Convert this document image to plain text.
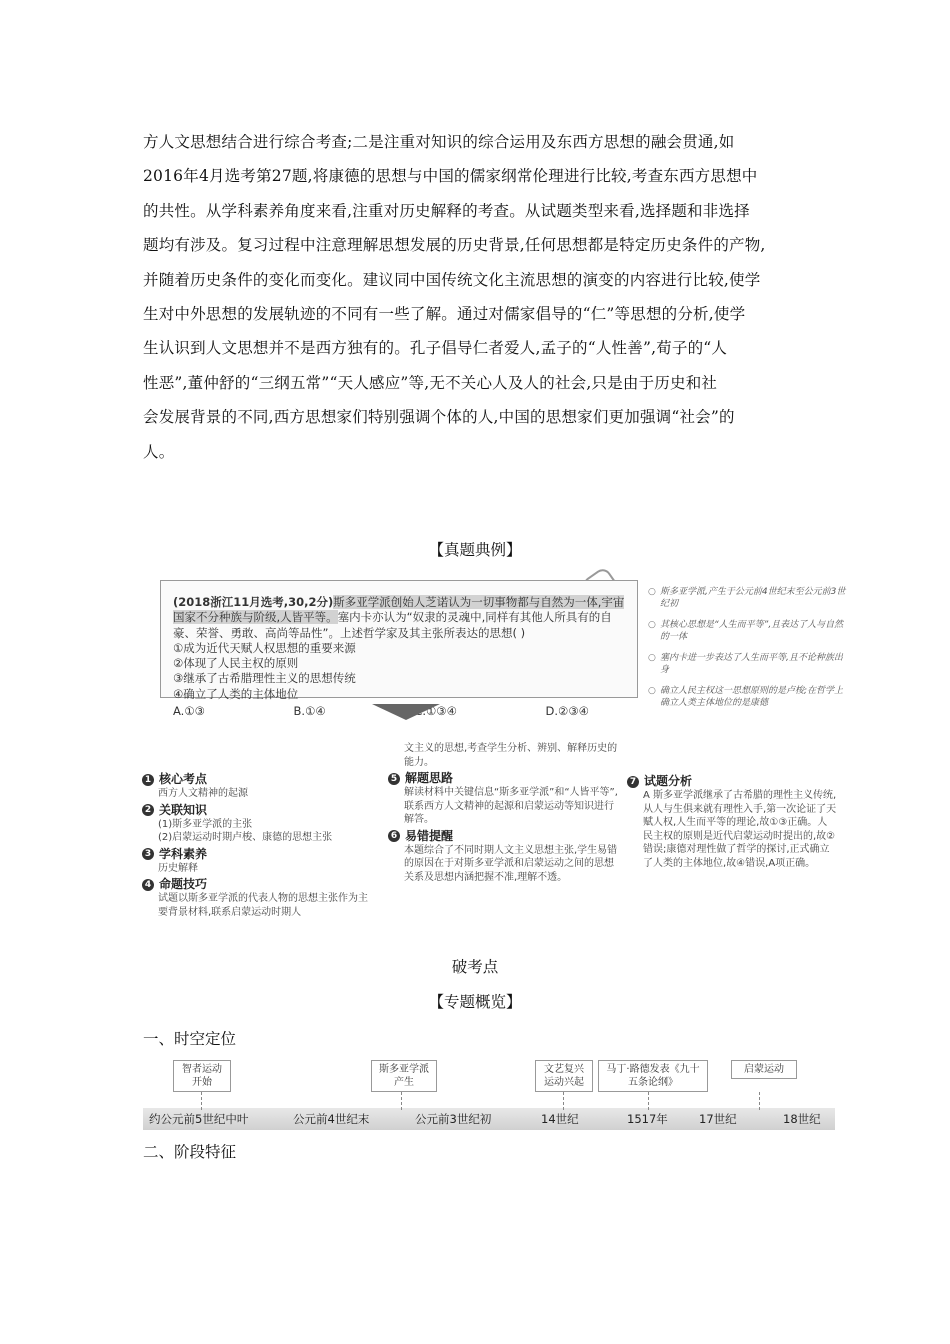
方人文思想结合进行综合考查;二是注重对知识的综合运用及东西方思想的融会贯通,如

2016年4月选考第27题,将康德的思想与中国的儒家纲常伦理进行比较,考查东西方思想中

的共性。从学科素养角度来看,注重对历史解释的考查。从试题类型来看,选择题和非选择

题均有涉及。复习过程中注意理解思想发展的历史背景,任何思想都是特定历史条件的产物,

并随着历史条件的变化而变化。建议同中国传统文化主流思想的演变的内容进行比较,使学

生对中外思想的发展轨迹的不同有一些了解。通过对儒家倡导的“仁”等思想的分析,使学

生认识到人文思想并不是西方独有的。孔子倡导仁者爱人,孟子的“人性善”,荀子的“人

性恶”,董仲舒的“三纲五常”“天人感应”等,无不关心人及人的社会,只是由于历史和社

会发展背景的不同,西方思想家们特别强调个体的人,中国的思想家们更加强调“社会”的

人。

【真题典例】
(2018浙江11月选考,30,2分)斯多亚学派创始人芝诺认为一切事物都与自然为一体,宇宙国家不分种族与阶级,人皆平等。塞内卡亦认为“奴隶的灵魂中,同样有其他人所具有的自豪、荣誉、勇敢、高尚等品性”。上述哲学家及其主张所表达的思想( )
①成为近代天赋人权思想的重要来源
②体现了人民主权的原则
③继承了古希腊理性主义的思想传统
④确立了人类的主体地位
A.①③	B.①④	C.①③④	D.②③④
○ 斯多亚学派,产生于公元前4世纪末至公元前3世纪初
○ 其核心思想是“人生而平等”,且表达了人与自然的一体
○ 塞内卡进一步表达了人生而平等,且不论种族出身
○ 确立人民主权这一思想原则的是卢梭;在哲学上确立人类主体地位的是康德
1 核心考点
西方人文精神的起源
2 关联知识
(1)斯多亚学派的主张
(2)启蒙运动时期卢梭、康德的思想主张
3 学科素养
历史解释
4 命题技巧
试题以斯多亚学派的代表人物的思想主张作为主要背景材料,联系启蒙运动时期人
文主义的思想,考查学生分析、辨别、解释历史的能力。
5 解题思路
解读材料中关键信息“斯多亚学派”和“人皆平等”,联系西方人文精神的起源和启蒙运动等知识进行解答。
6 易错提醒
本题综合了不同时期人文主义思想主张,学生易错的原因在于对斯多亚学派和启蒙运动之间的思想关系及思想内涵把握不准,理解不透。
7 试题分析
A 斯多亚学派继承了古希腊的理性主义传统,从人与生俱来就有理性入手,第一次论证了天赋人权,人生而平等的理论,故①③正确。人民主权的原则是近代启蒙运动时提出的,故②错误;康德对理性做了哲学的探讨,正式确立了人类的主体地位,故④错误,A项正确。
破考点
【专题概览】
一、时空定位
智者运动开始
斯多亚学派产生
文艺复兴运动兴起
马丁·路德发表《九十五条论纲》
启蒙运动
约公元前5世纪中叶	公元前4世纪末	公元前3世纪初	14世纪	1517年	17世纪	18世纪
二、阶段特征
